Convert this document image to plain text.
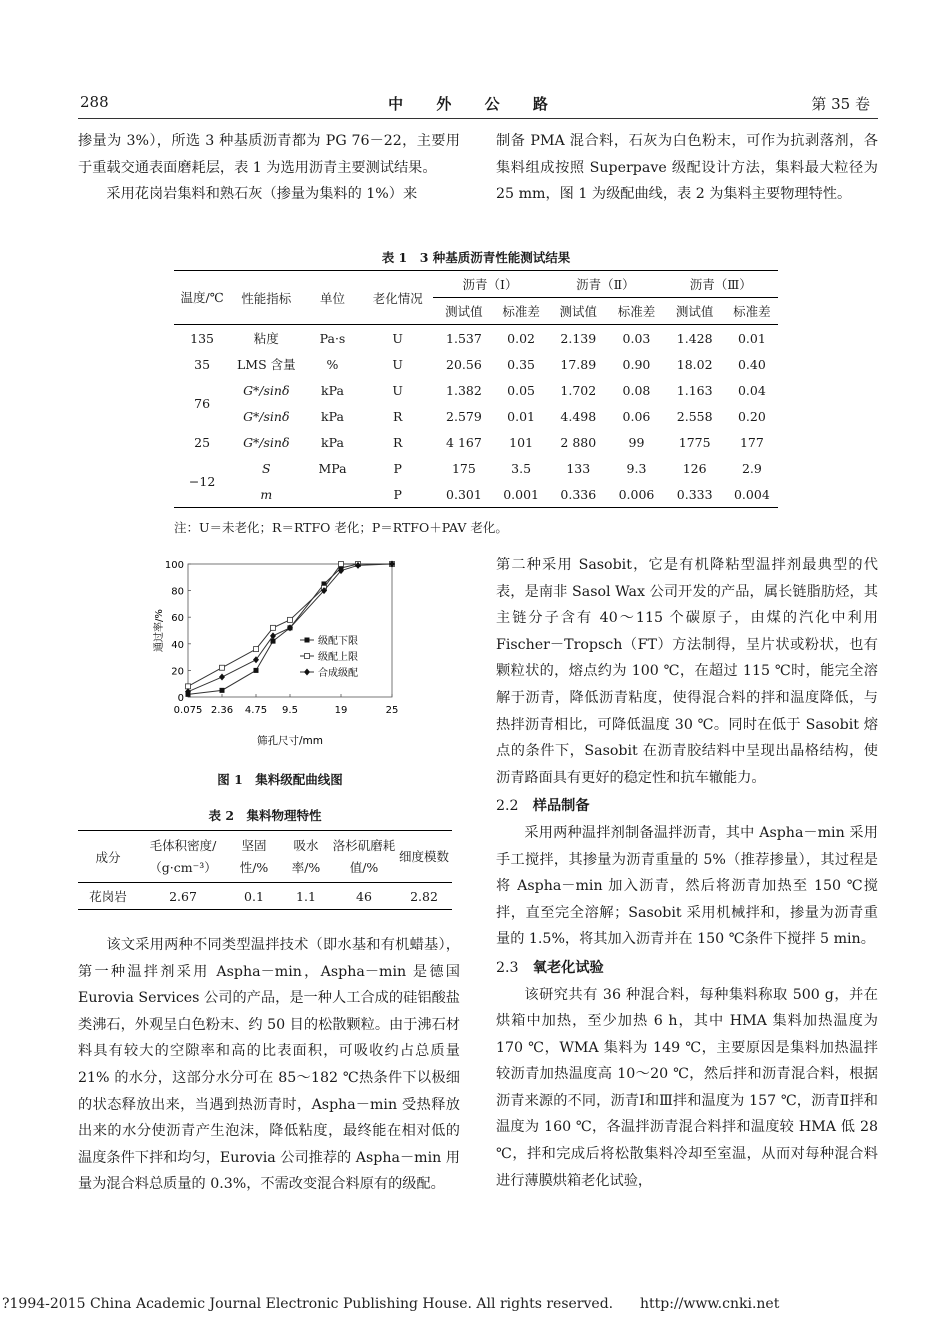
288	中 外 公 路	第 35 卷

掺量为 3%），所选 3 种基质沥青都为 PG 76－22，主要用于重载交通表面磨耗层，表 1 为选用沥青主要测试结果。

采用花岗岩集料和熟石灰（掺量为集料的 1%）来

制备 PMA 混合料，石灰为白色粉末，可作为抗剥落剂，各集料组成按照 Superpave 级配设计方法，集料最大粒径为 25 mm，图 1 为级配曲线，表 2 为集料主要物理特性。

表 1　3 种基质沥青性能测试结果
温度/℃	性能指标	单位	老化情况	沥青（Ⅰ）		沥青（Ⅱ）		沥青（Ⅲ）	
				测试值	标准差	测试值	标准差	测试值	标准差
135	粘度	Pa·s	U	1.537	0.02	2.139	0.03	1.428	0.01
35	LMS 含量	%	U	20.56	0.35	17.89	0.90	18.02	0.40
76	G*/sinδ	kPa	U	1.382	0.05	1.702	0.08	1.163	0.04
	G*/sinδ	kPa	R	2.579	0.01	4.498	0.06	2.558	0.20
25	G*/sinδ	kPa	R	4 167	101	2 880	99	1775	177
−12	S	MPa	P	175	3.5	133	9.3	126	2.9
	m		P	0.301	0.001	0.336	0.006	0.333	0.004
注：U＝未老化；R＝RTFO 老化；P＝RTFO＋PAV 老化。
0
20
40
60
80
100
0.075 2.36 4.75 9.5	19	25
通过率/%
筛孔尺寸/mm
级配下限
级配上限
合成级配
图 1　集料级配曲线图
表 2　集料物理特性
成分	毛体积密度/（g·cm⁻³）	坚固性/%	吸水率/%	洛杉矶磨耗值/%	细度模数
花岗岩	2.67	0.1	1.1	46	2.82

该文采用两种不同类型温拌技术（即水基和有机蜡基），第一种温拌剂采用 Aspha－min，Aspha－min 是德国 Eurovia Services 公司的产品，是一种人工合成的硅铝酸盐类沸石，外观呈白色粉末、约 50 目的松散颗粒。由于沸石材料具有较大的空隙率和高的比表面积，可吸收约占总质量 21% 的水分，这部分水分可在 85～182 ℃热条件下以极细的状态释放出来，当遇到热沥青时，Aspha－min 受热释放出来的水分使沥青产生泡沫，降低粘度，最终能在相对低的温度条件下拌和均匀，Eurovia 公司推荐的 Aspha－min 用量为混合料总质量的 0.3%，不需改变混合料原有的级配。

第二种采用 Sasobit，它是有机降粘型温拌剂最典型的代表，是南非 Sasol Wax 公司开发的产品，属长链脂肪烃，其主链分子含有 40～115 个碳原子，由煤的汽化中利用 Fischer－Tropsch（FT）方法制得，呈片状或粉状，也有颗粒状的，熔点约为 100 ℃，在超过 115 ℃时，能完全溶解于沥青，降低沥青粘度，使得混合料的拌和温度降低，与热拌沥青相比，可降低温度 30 ℃。同时在低于 Sasobit 熔点的条件下，Sasobit 在沥青胶结料中呈现出晶格结构，使沥青路面具有更好的稳定性和抗车辙能力。

2.2　 样品制备

采用两种温拌剂制备温拌沥青，其中 Aspha－min 采用手工搅拌，其掺量为沥青重量的 5%（推荐掺量），其过程是将 Aspha－min 加入沥青，然后将沥青加热至 150 ℃搅拌，直至完全溶解；Sasobit 采用机械拌和，掺量为沥青重量的 1.5%，将其加入沥青并在 150 ℃条件下搅拌 5 min。

2.3　 氧老化试验

该研究共有 36 种混合料，每种集料称取 500 g，并在烘箱中加热，至少加热 6 h，其中 HMA 集料加热温度为 170 ℃，WMA 集料为 149 ℃，主要原因是集料加热温拌较沥青加热温度高 10～20 ℃，然后拌和沥青混合料，根据沥青来源的不同，沥青Ⅰ和Ⅲ拌和温度为 157 ℃，沥青Ⅱ拌和温度为 160 ℃，各温拌沥青混合料拌和温度较 HMA 低 28 ℃，拌和完成后将松散集料冷却至室温，从而对每种混合料进行薄膜烘箱老化试验，

?1994-2015 China Academic Journal Electronic Publishing House. All rights reserved. http://www.cnki.net
